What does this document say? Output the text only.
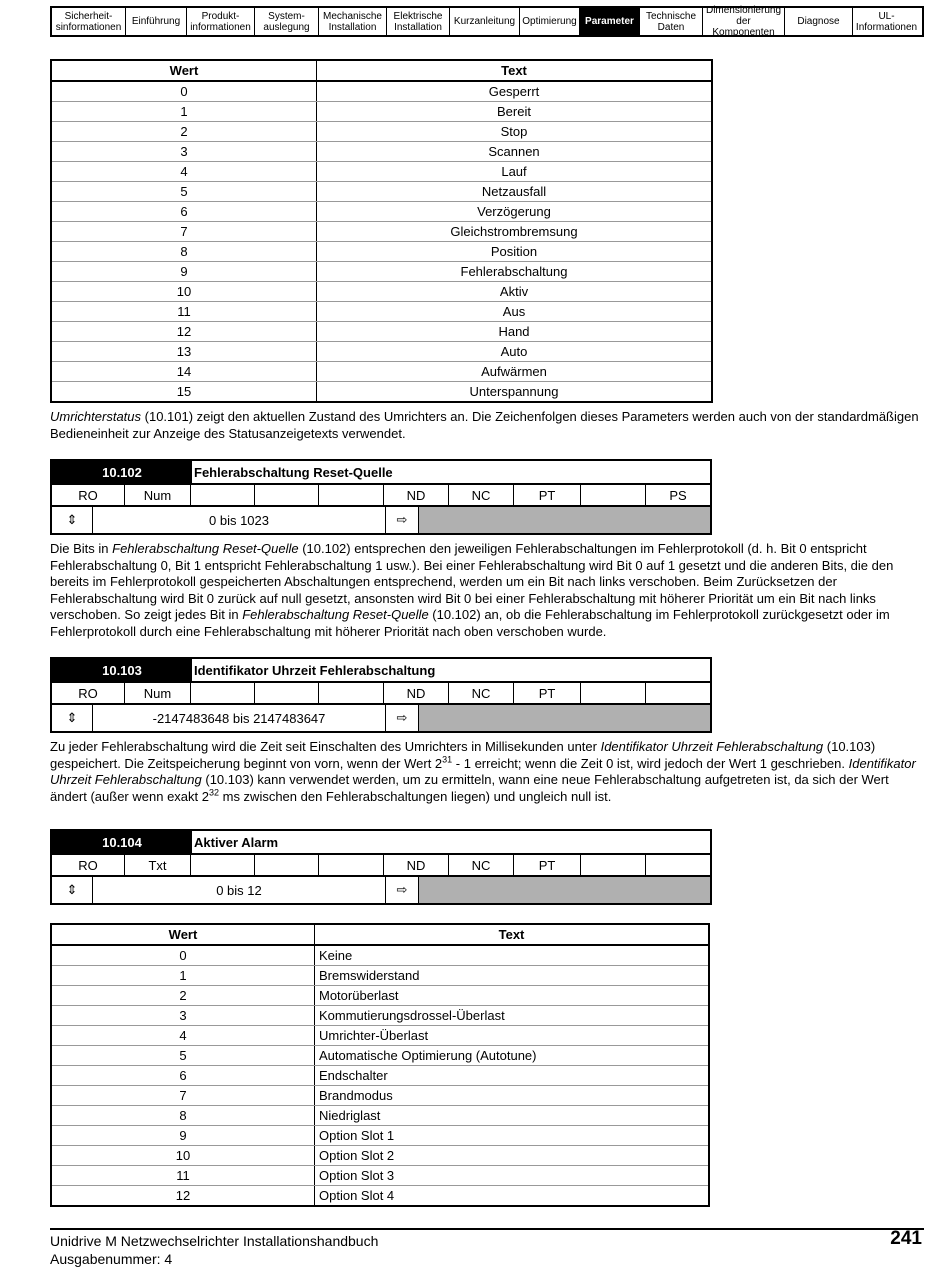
Sicherheit-
sinformationen	Einführung	Produkt-
informationen
System-
auslegung
Mechanische
Installation
Elektrische
Installation	Kurzanleitung Optimierung Parameter	Technische
Daten
Dimensionierung
der Komponenten
Diagnose	UL-
Informationen
Wert	Text
0	Gesperrt
1	Bereit
2	Stop
3	Scannen
4	Lauf
5	Netzausfall
6	Verzögerung
7	Gleichstrombremsung
8	Position
9	Fehlerabschaltung
10	Aktiv
11	Aus
12	Hand
13	Auto
14	Aufwärmen
15	Unterspannung
Umrichterstatus (10.101) zeigt den aktuellen Zustand des Umrichters an. Die Zeichenfolgen dieses Parameters werden auch von der standardmäßigen Bedieneinheit zur Anzeige des Statusanzeigetexts verwendet.
10.102	Fehlerabschaltung Reset-Quelle
RO	Num	ND	NC	PT	PS
⇕	0 bis 1023	⇨
Die Bits in Fehlerabschaltung Reset-Quelle (10.102) entsprechen den jeweiligen Fehlerabschaltungen im Fehlerprotokoll (d. h. Bit 0 entspricht Fehlerabschaltung 0, Bit 1 entspricht Fehlerabschaltung 1 usw.). Bei einer Fehlerabschaltung wird Bit 0 auf 1 gesetzt und die anderen Bits, die den bereits im Fehlerprotokoll gespeicherten Abschaltungen entsprechend, werden um ein Bit nach links verschoben. Beim Zurücksetzen der Fehlerabschaltung wird Bit 0 zurück auf null gesetzt, ansonsten wird Bit 0 bei einer Fehlerabschaltung mit höherer Priorität um ein Bit nach links verschoben. So zeigt jedes Bit in Fehlerabschaltung Reset-Quelle (10.102) an, ob die Fehlerabschaltung im Fehlerprotokoll zurückgesetzt oder im Fehlerprotokoll durch eine Fehlerabschaltung mit höherer Priorität nach oben verschoben wurde.
10.103	Identifikator Uhrzeit Fehlerabschaltung
RO	Num	ND	NC	PT
⇕	-2147483648 bis 2147483647	⇨
Zu jeder Fehlerabschaltung wird die Zeit seit Einschalten des Umrichters in Millisekunden unter Identifikator Uhrzeit Fehlerabschaltung (10.103) gespeichert. Die Zeitspeicherung beginnt von vorn, wenn der Wert $2^{31} - 1$ erreicht; wenn die Zeit 0 ist, wird jedoch der Wert 1 geschrieben. Identifikator Uhrzeit Fehlerabschaltung (10.103) kann verwendet werden, um zu ermitteln, wann eine neue Fehlerabschaltung aufgetreten ist, da sich der Wert ändert (außer wenn exakt $2^{32}$ ms zwischen den Fehlerabschaltungen liegen) und ungleich null ist.
10.104	Aktiver Alarm
RO	Txt	ND	NC	PT
⇕	0 bis 12	⇨
Wert	Text
0	Keine
1	Bremswiderstand
2	Motorüberlast
3	Kommutierungsdrossel-Überlast
4	Umrichter-Überlast
5	Automatische Optimierung (Autotune)
6	Endschalter
7	Brandmodus
8	Niedriglast
9	Option Slot 1
10	Option Slot 2
11	Option Slot 3
12	Option Slot 4
Unidrive M Netzwechselrichter Installationshandbuch
Ausgabenummer: 4
241
